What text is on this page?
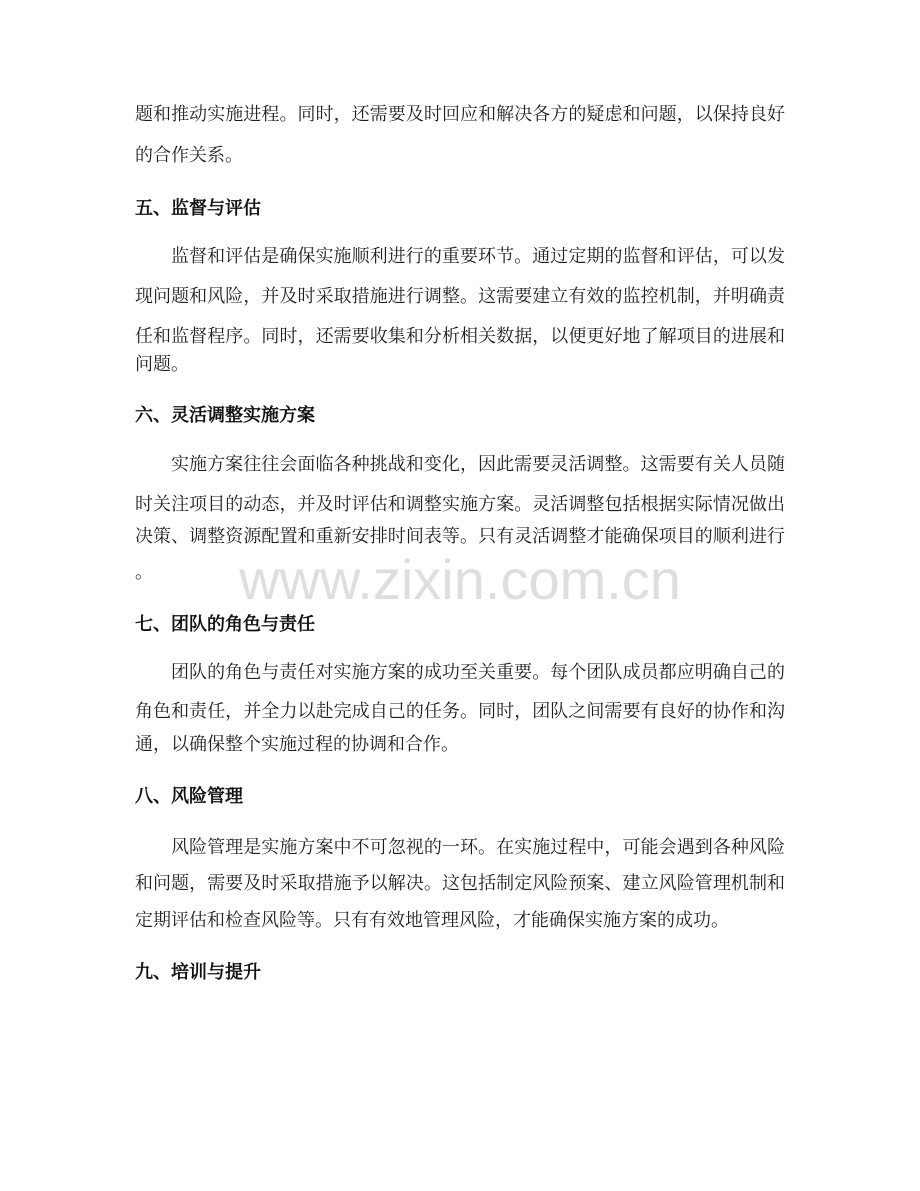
www.zixin.com.cn
题和推动实施进程。同时，还需要及时回应和解决各方的疑虑和问题，以保持良好
的合作关系。
五、监督与评估
监督和评估是确保实施顺利进行的重要环节。通过定期的监督和评估，可以发
现问题和风险，并及时采取措施进行调整。这需要建立有效的监控机制，并明确责
任和监督程序。同时，还需要收集和分析相关数据，以便更好地了解项目的进展和
问题。
六、灵活调整实施方案
实施方案往往会面临各种挑战和变化，因此需要灵活调整。这需要有关人员随
时关注项目的动态，并及时评估和调整实施方案。灵活调整包括根据实际情况做出
决策、调整资源配置和重新安排时间表等。只有灵活调整才能确保项目的顺利进行
。
七、团队的角色与责任
团队的角色与责任对实施方案的成功至关重要。每个团队成员都应明确自己的
角色和责任，并全力以赴完成自己的任务。同时，团队之间需要有良好的协作和沟
通，以确保整个实施过程的协调和合作。
八、风险管理
风险管理是实施方案中不可忽视的一环。在实施过程中，可能会遇到各种风险
和问题，需要及时采取措施予以解决。这包括制定风险预案、建立风险管理机制和
定期评估和检查风险等。只有有效地管理风险，才能确保实施方案的成功。
九、培训与提升
